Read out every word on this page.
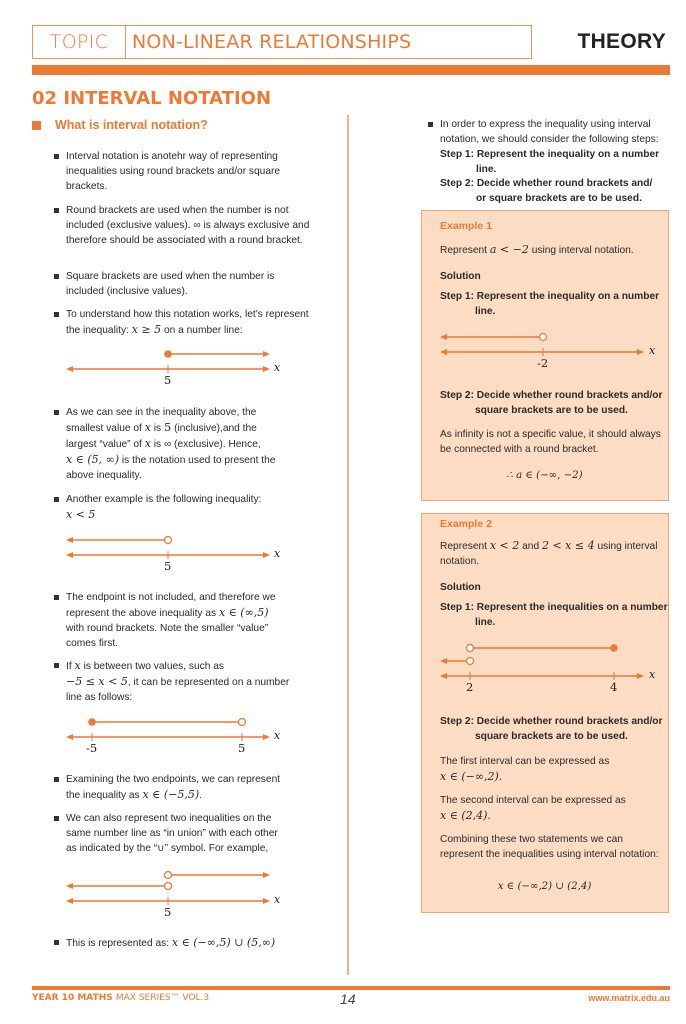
TOPIC	NON-LINEAR RELATIONSHIPS	THEORY
02 INTERVAL NOTATION
What is interval notation?
Interval notation is anotehr way of representing inequalities using round brackets and/or square brackets.
Round brackets are used when the number is not included (exclusive values). ∞ is always exclusive and therefore should be associated with a round bracket.
Square brackets are used when the number is included (inclusive values).
To understand how this notation works, let's represent the inequality: x ≥ 5 on a number line:
5
x
As we can see in the inequality above, the
smallest value of x is 5 (inclusive),and the
largest “value” of x is ∞ (exclusive). Hence,
x ∈ (5, ∞) is the notation used to present the
above inequality.
Another example is the following inequality:
x < 5
5
x
The endpoint is not included, and therefore we
represent the above inequality as x ∈ (∞,5)
with round brackets. Note the smaller “value”
comes first.
If x is between two values, such as
−5 ≤ x < 5, it can be represented on a number
line as follows:
-5	5
x
Examining the two endpoints, we can represent
the inequality as x ∈ (−5,5).
We can also represent two inequalities on the
same number line as “in union” with each other
as indicated by the “∪” symbol. For example,
5
x
This is represented as: x ∈ (−∞,5) ∪ (5,∞)
In order to express the inequality using interval
notation, we should consider the following steps:
Step 1: Represent the inequality on a number
line.
Step 2: Decide whether round brackets and/
or square brackets are to be used.
Example 1
Represent a < −2 using interval notation.
Solution
Step 1: Represent the inequality on a number
line.
-2
x
Step 2: Decide whether round brackets and/or
square brackets are to be used.
As infinity is not a specific value, it should always
be connected with a round bracket.
∴ a ∈ (−∞, −2)
Example 2
Represent x < 2 and 2 < x ≤ 4 using interval
notation.
Solution
Step 1: Represent the inequalities on a number
line.
2	4
x
Step 2: Decide whether round brackets and/or
square brackets are to be used.
The first interval can be expressed as
x ∈ (−∞,2).
The second interval can be expressed as
x ∈ (2,4).
Combining these two statements we can
represent the inequalities using interval notation:
x ∈ (−∞,2) ∪ (2,4)
YEAR 10 MATHS MAX SERIES™ VOL.3	14	www.matrix.edu.au
